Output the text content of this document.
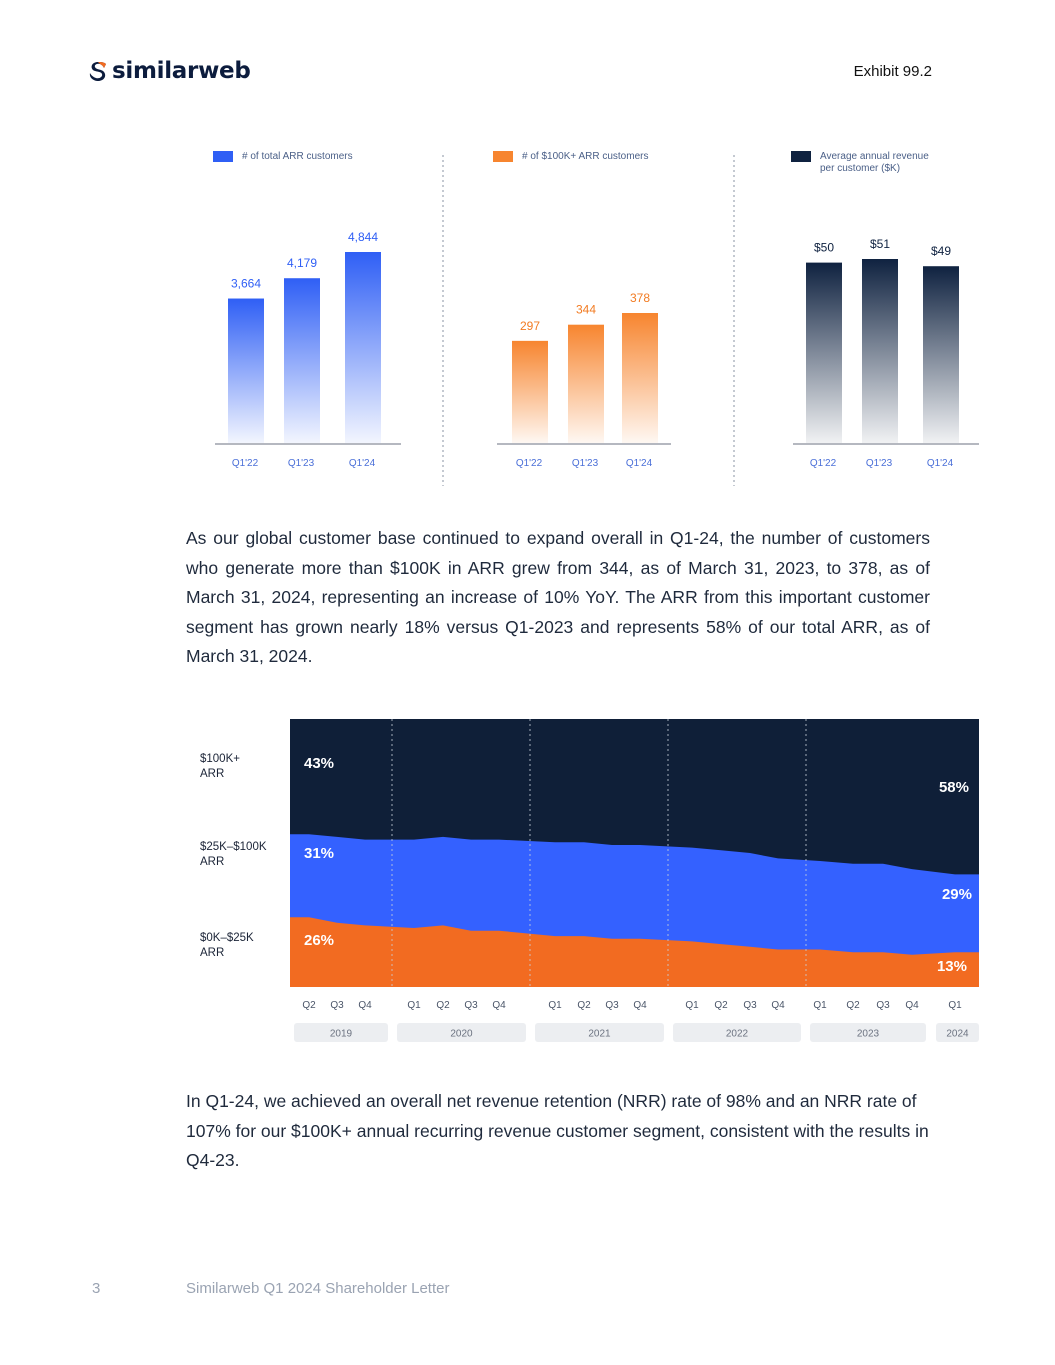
similarweb	Exhibit 99.2
# of total ARR customers	# of $100K+ ARR customers	Average annual revenue
per customer ($K)
3,664
Q1'22
4,179
Q1'23
4,844
Q1'24
297
Q1'22
344
Q1'23
378
Q1'24
$50
Q1'22
$51
Q1'23
$49
Q1'24

As our global customer base continued to expand overall in Q1-24, the number of customers who generate more than $100K in ARR grew from 344, as of March 31, 2023, to 378, as of March 31, 2024, representing an increase of 10% YoY. The ARR from this important customer segment has grown nearly 18% versus Q1-2023 and represents 58% of our total ARR, as of March 31, 2024.

$100K+
ARR
$25K–$100K
ARR
$0K–$25K
ARR
43%
31%
26%
58%
29%
13%
Q2 Q3 Q4	Q1 Q2 Q3 Q4	Q1 Q2 Q3 Q4	Q1 Q2 Q3 Q4	Q1 Q2 Q3 Q4	Q1
2019	2020	2021	2022	2023	2024

In Q1-24, we achieved an overall net revenue retention (NRR) rate of 98% and an NRR rate of 107% for our $100K+ annual recurring revenue customer segment, consistent with the results in Q4-23.

3	Similarweb Q1 2024 Shareholder Letter
